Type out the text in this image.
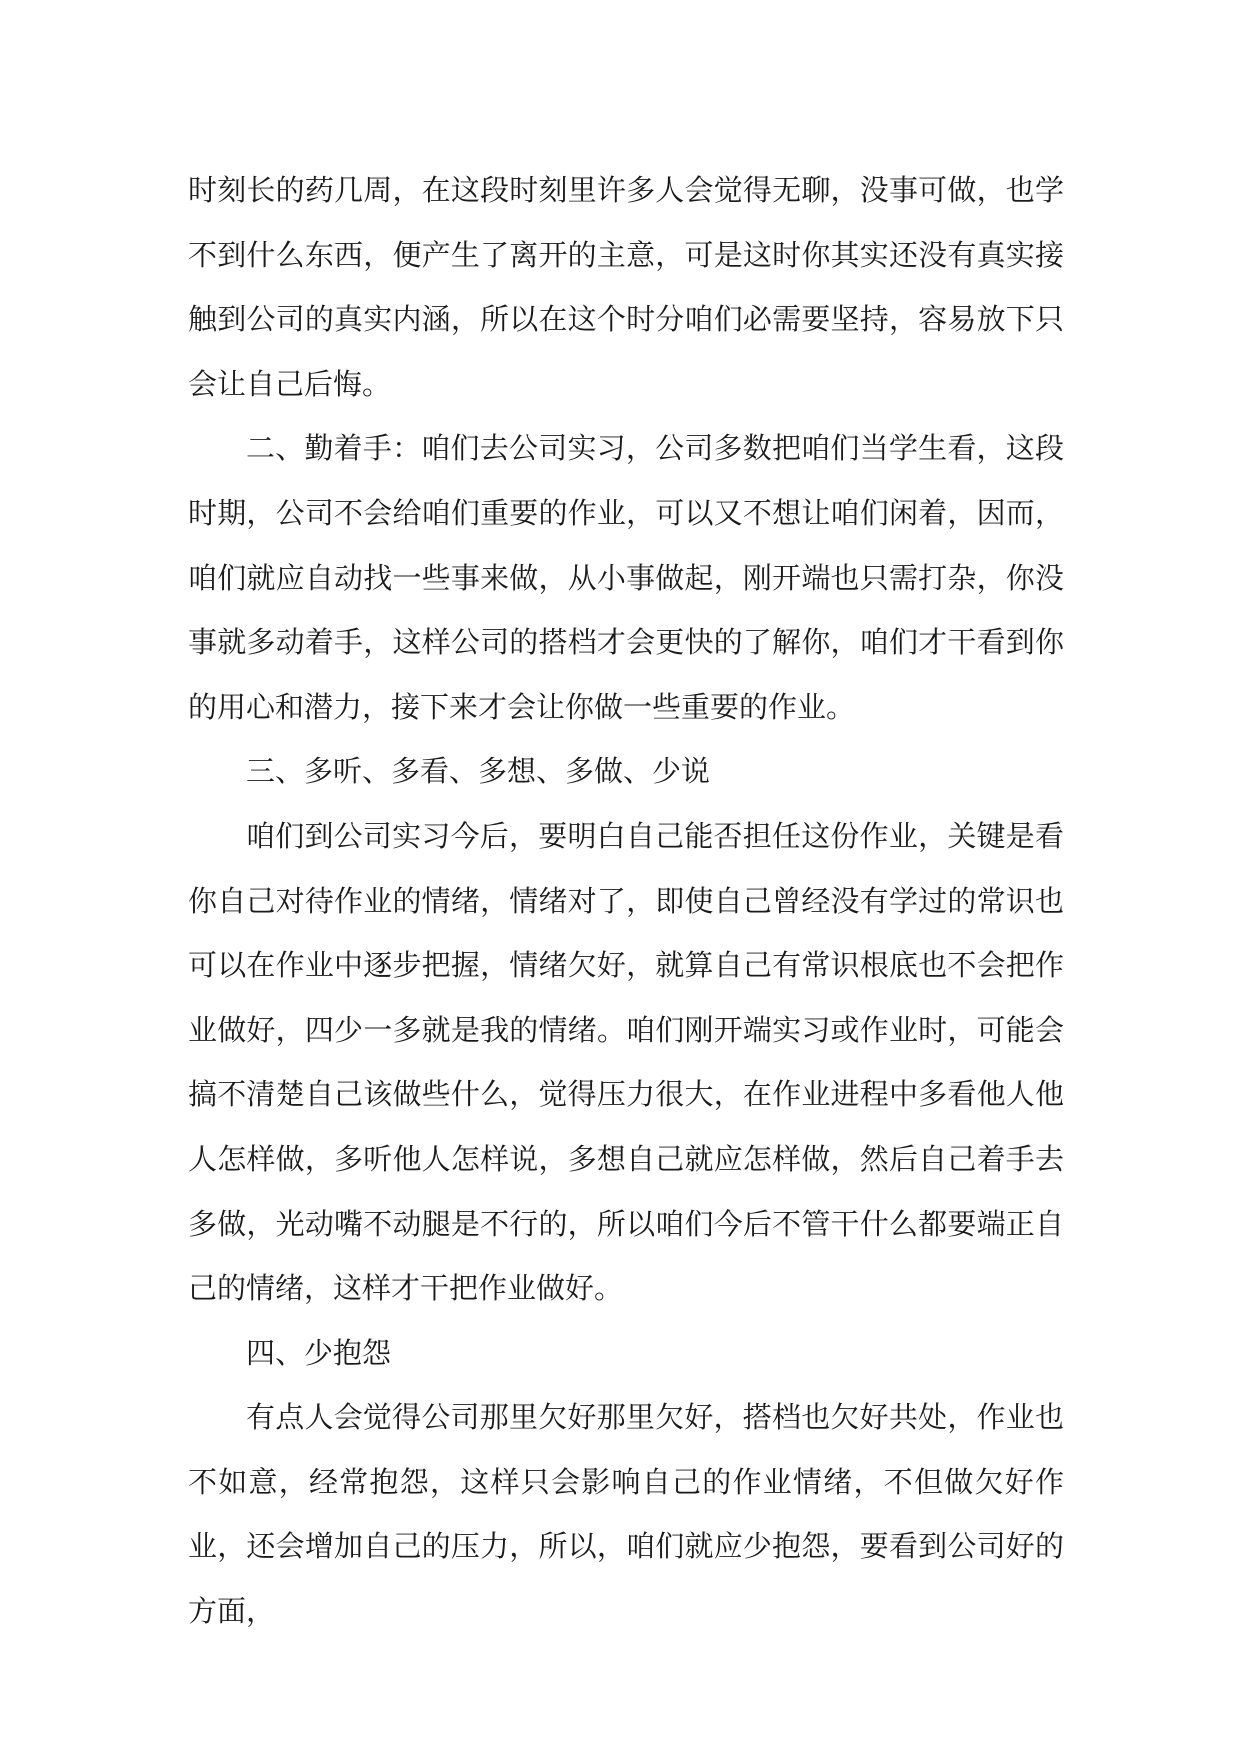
时刻长的药几周，在这段时刻里许多人会觉得无聊，没事可做，也学不到什么东西，便产生了离开的主意，可是这时你其实还没有真实接触到公司的真实内涵，所以在这个时分咱们必需要坚持，容易放下只会让自己后悔。

二、勤着手：咱们去公司实习，公司多数把咱们当学生看，这段时期，公司不会给咱们重要的作业，可以又不想让咱们闲着，因而，咱们就应自动找一些事来做，从小事做起，刚开端也只需打杂，你没事就多动着手，这样公司的搭档才会更快的了解你，咱们才干看到你的用心和潜力，接下来才会让你做一些重要的作业。

三、多听、多看、多想、多做、少说

咱们到公司实习今后，要明白自己能否担任这份作业，关键是看你自己对待作业的情绪，情绪对了，即使自己曾经没有学过的常识也可以在作业中逐步把握，情绪欠好，就算自己有常识根底也不会把作业做好，四少一多就是我的情绪。咱们刚开端实习或作业时，可能会搞不清楚自己该做些什么，觉得压力很大，在作业进程中多看他人他人怎样做，多听他人怎样说，多想自己就应怎样做，然后自己着手去多做，光动嘴不动腿是不行的，所以咱们今后不管干什么都要端正自己的情绪，这样才干把作业做好。

四、少抱怨

有点人会觉得公司那里欠好那里欠好，搭档也欠好共处，作业也不如意，经常抱怨，这样只会影响自己的作业情绪，不但做欠好作业，还会增加自己的压力，所以，咱们就应少抱怨，要看到公司好的方面，
